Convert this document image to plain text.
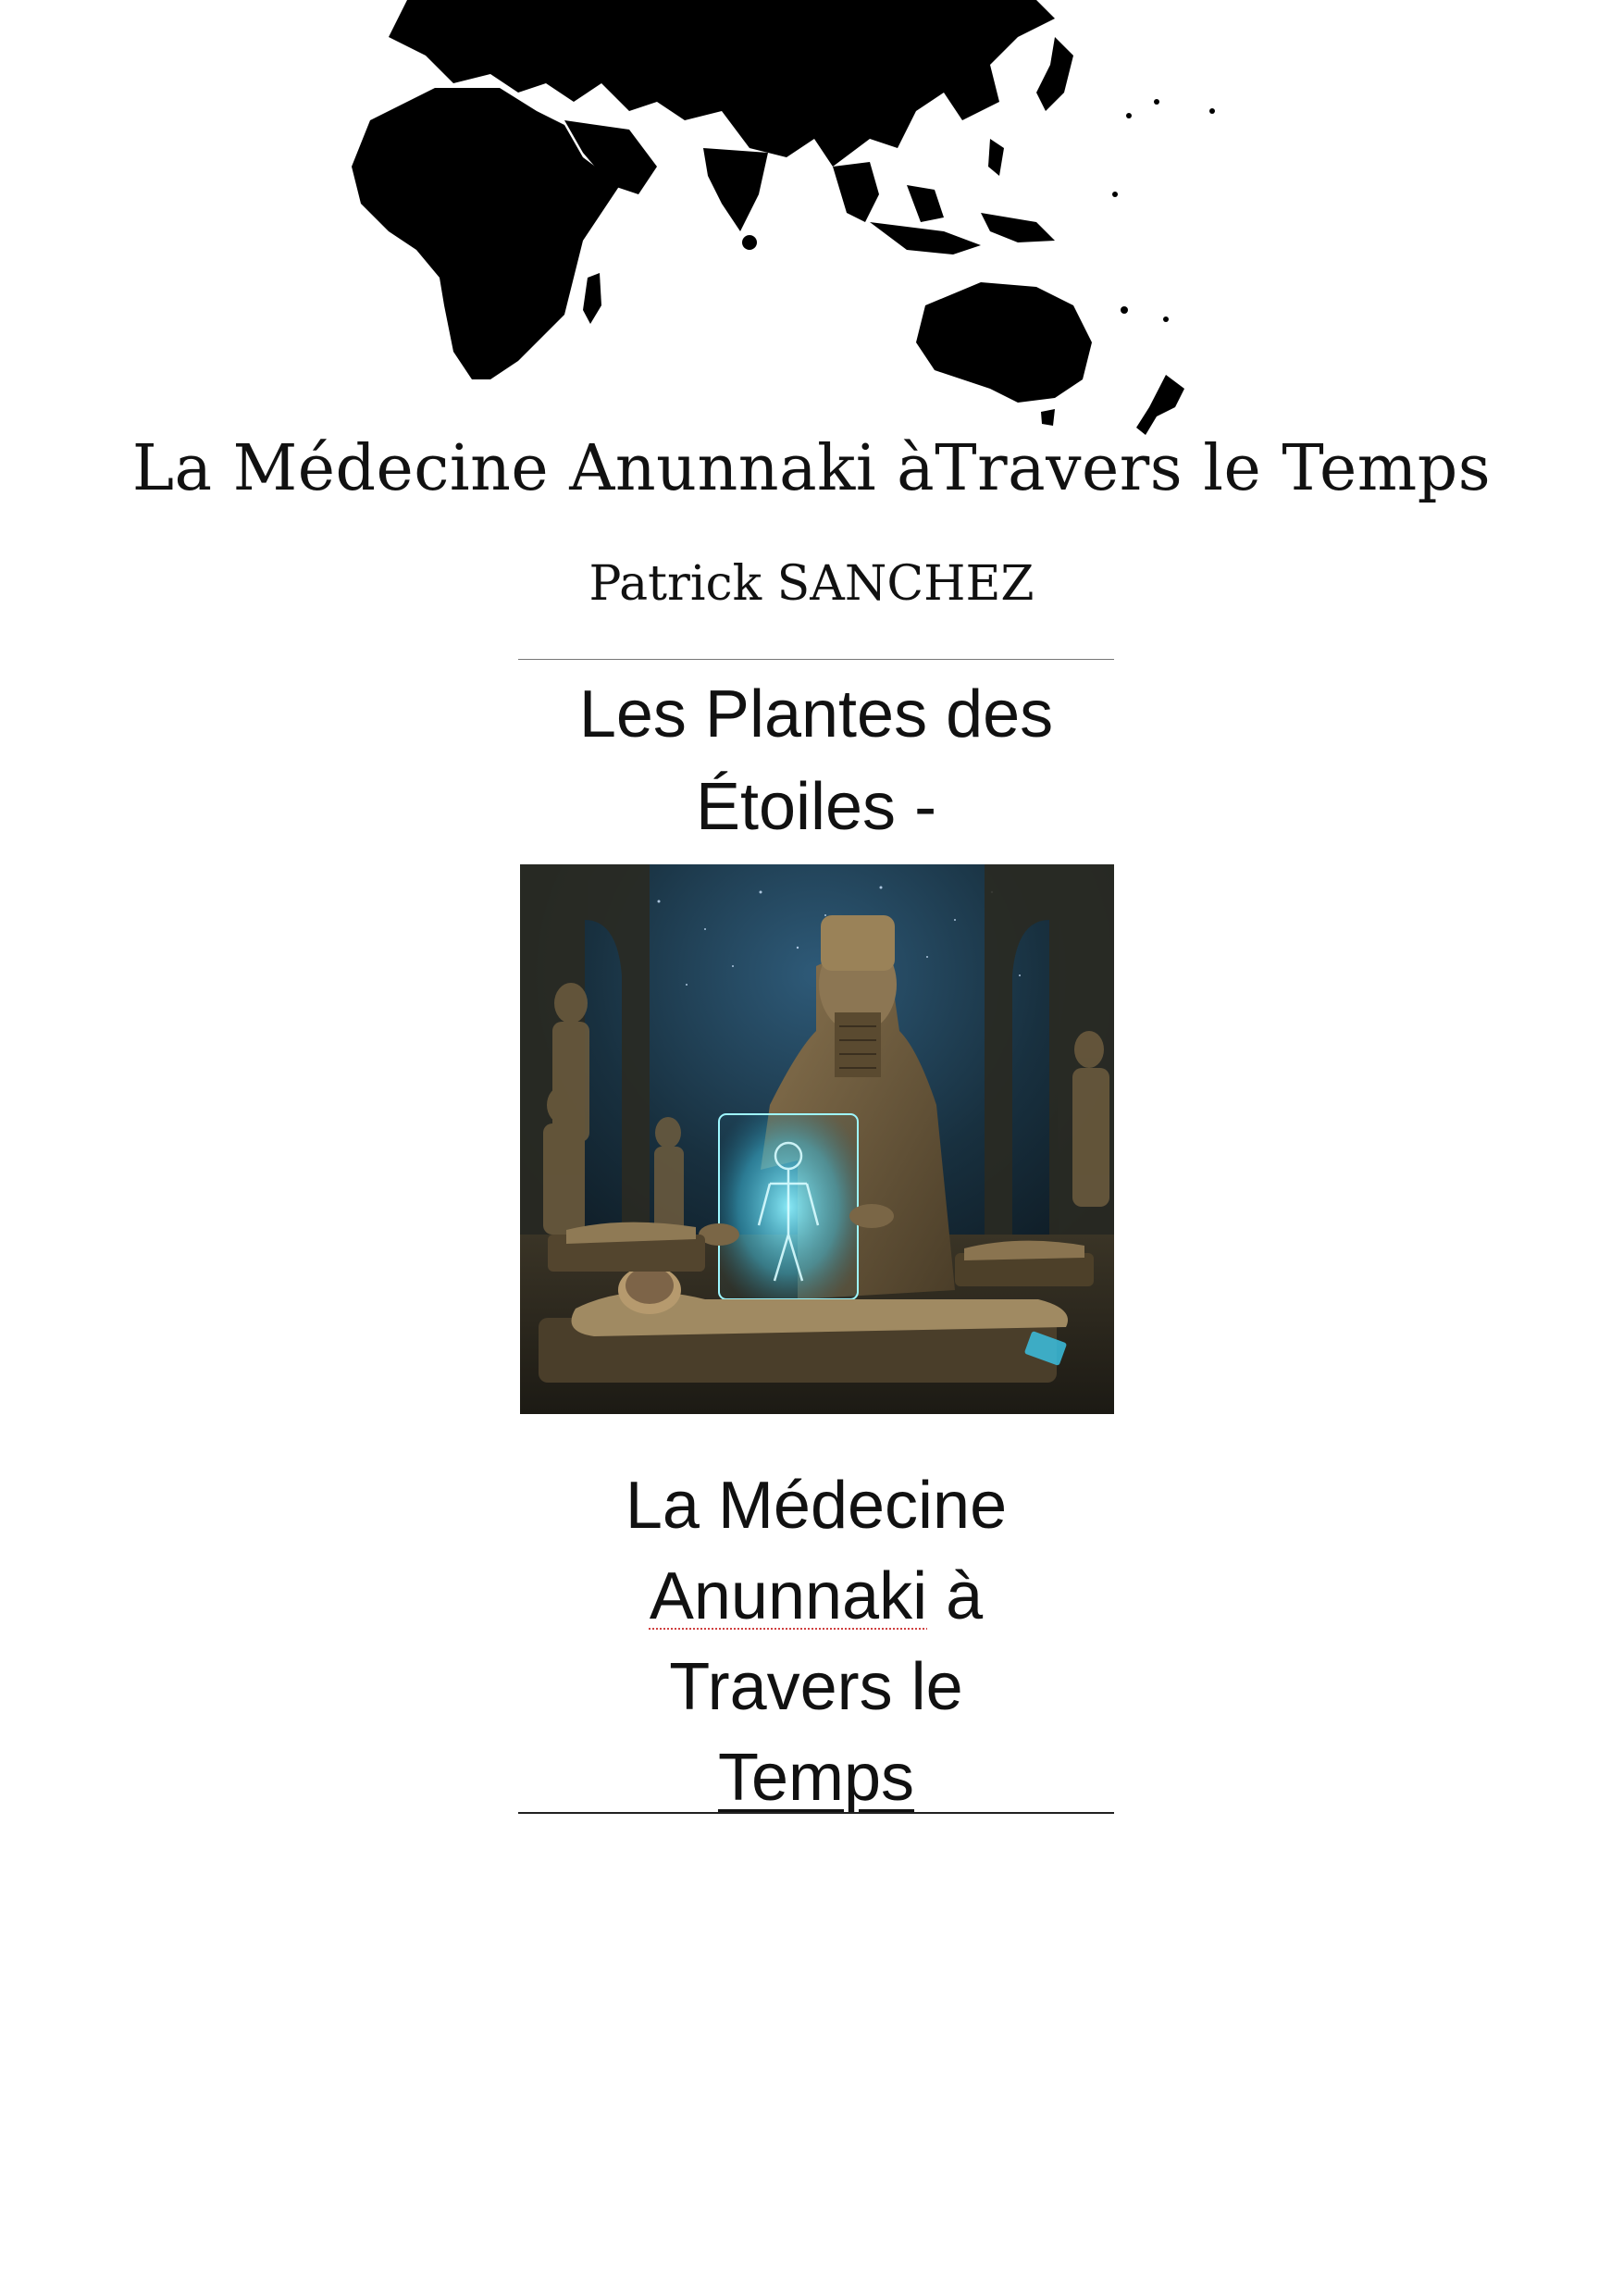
La Médecine Anunnaki àTravers le Temps
Patrick SANCHEZ
Les Plantes des
Étoiles -
La Médecine
Anunnaki à
Travers le
Temps
